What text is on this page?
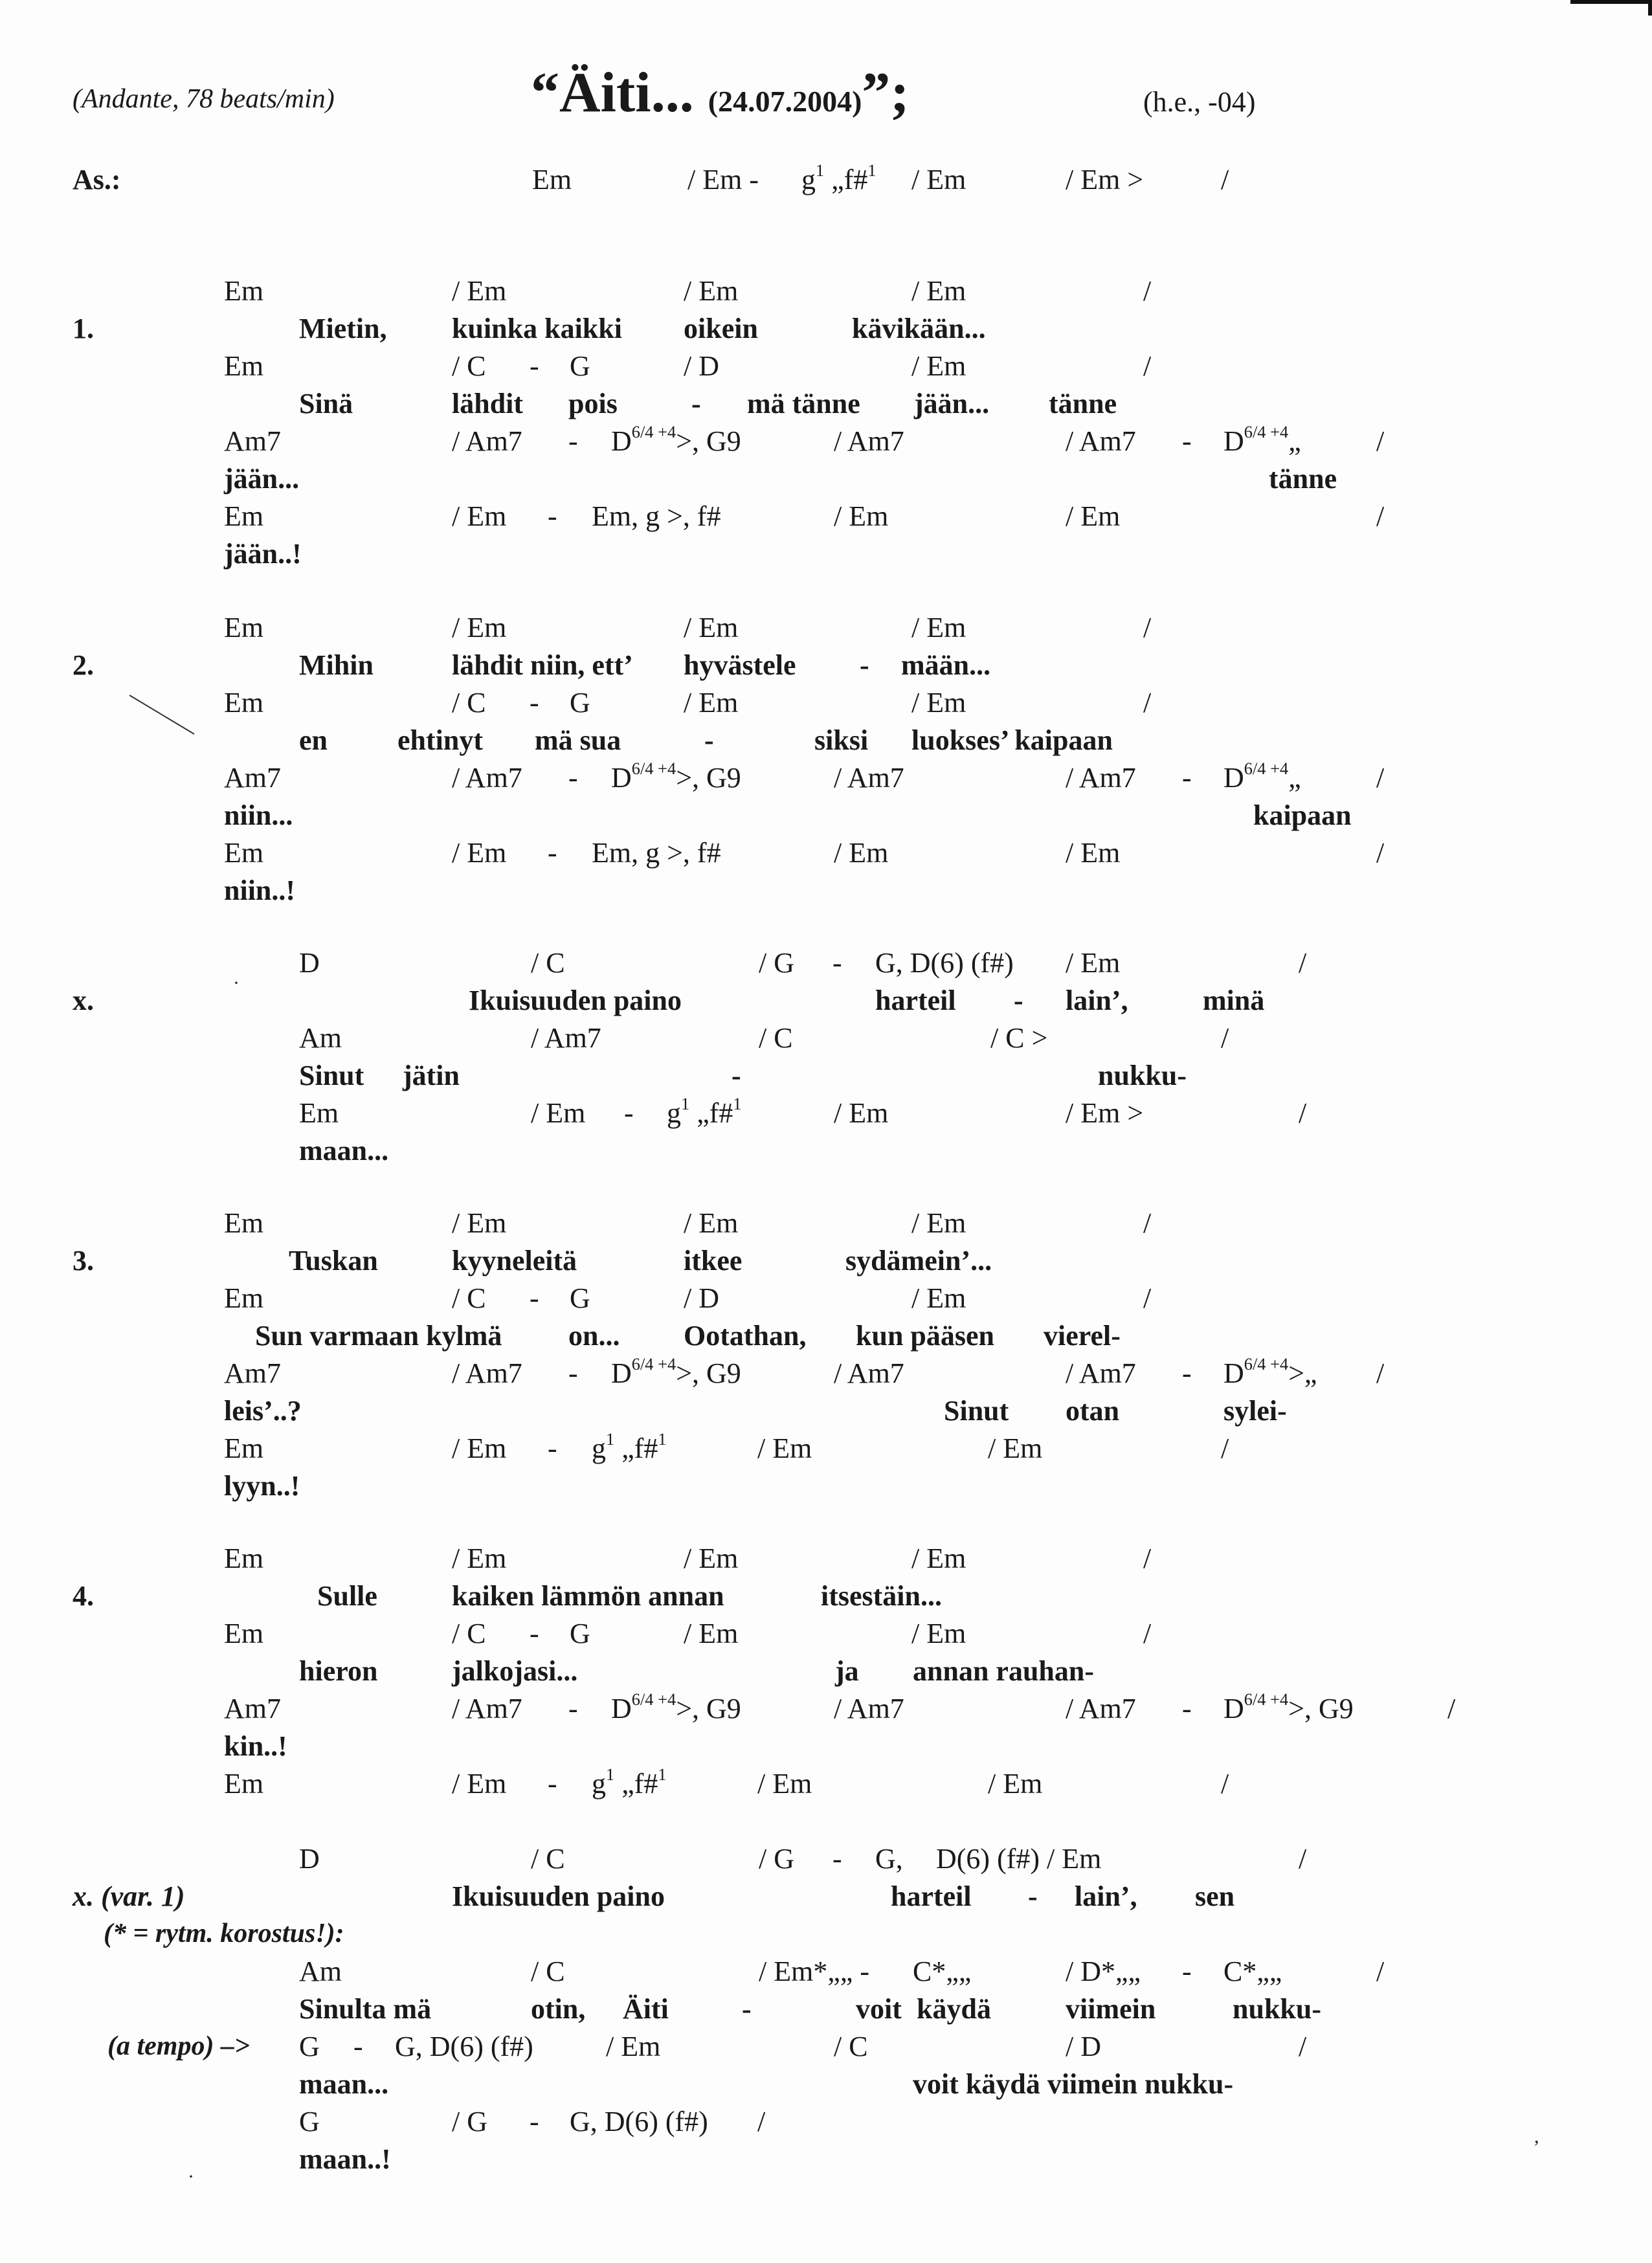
(Andante, 78 beats/min)	“Äiti... (24.07.2004)”;	(h.e., -04)
As.:	Em	/ Em - $g^1$ „f#$^1$ / Em	/ Em >	/
Em	/ Em	/ Em	/ Em	/
1.	Mietin, kuinka kaikki oikein	kävikään...
Em	/ C - G	/ D	/ Em	/
Sinä	lähdit pois	- mä tänne jään... tänne
Am7	/ $Am7 - D^{6/4 +4}>$, G9	/ Am7	/ $Am7 - D^{6/4 +4}„$	/
jään...	tänne
Em	/ Em - Em, g >, f#	/ Em	/ Em	/
jään..!
Em	/ Em	/ Em	/ Em	/
2.	Mihin	lähdit niin, ett’ hyvästele - mään...
Em	/ C - G	/ Em	/ Em	/
en ehtinyt mä sua	-	siksi luokses’ kaipaan
Am7	/ $Am7 - D^{6/4 +4}>$, G9	/ Am7	/ $Am7 - D^{6/4 +4}„$	/
niin...	kaipaan
Em	/ Em - Em, g >, f#	/ Em	/ Em	/
niin..!
D	/ C	/ G - G, D(6) (f#) / Em	/
x.	Ikuisuuden paino	harteil - lain’,	minä
Am	/ Am7	/ C	/ C >	/
Sinut jätin	-	nukku-
Em	/ Em - $g^1$ „f#$^1$	/ Em	/ Em >	/
maan...
Em	/ Em	/ Em	/ Em	/
3.	Tuskan	kyyneleitä	itkee	sydämein’...
Em	/ C - G	/ D	/ Em	/
Sun varmaan kylmä on... Ootathan, kun pääsen vierel-
Am7	/ $Am7 - D^{6/4 +4}>$, G9	/ Am7	/ $Am7 - D^{6/4 +4}>„$ /
leis’..?	Sinut otan	sylei-
Em	/ Em - $g^1$ „f#$^1$	/ Em	/ Em	/
lyyn..!
Em	/ Em	/ Em	/ Em	/
4.	Sulle	kaiken lämmön annan	itsestäin...
Em	/ C - G	/ Em	/ Em	/
hieron	jalkojasi...	ja annan rauhan-
Am7	/ $Am7 - D^{6/4 +4}>$, G9	/ Am7	/ $Am7 - D^{6/4 +4}>$, G9	/
kin..!
Em	/ Em - $g^1$ „f#$^1$	/ Em	/ Em	/
D	/ C	/ G - G, D(6) (f#) / Em	/
x. (var. 1)	Ikuisuuden paino	harteil - lain’, sen
(* = rytm. korostus!):
Am	/ C	/ Em*„„ - C*„„	/ D*„„ - C*„„	/
Sinulta mä	otin, Äiti	-	voit käydä	viimein	nukku-
(a tempo) –> G - G, D(6) (f#)	/ Em	/ C	/ D	/
maan...	voit käydä viimein nukku-
G	/ G - G, D(6) (f#) /
maan..!
·
·
,
